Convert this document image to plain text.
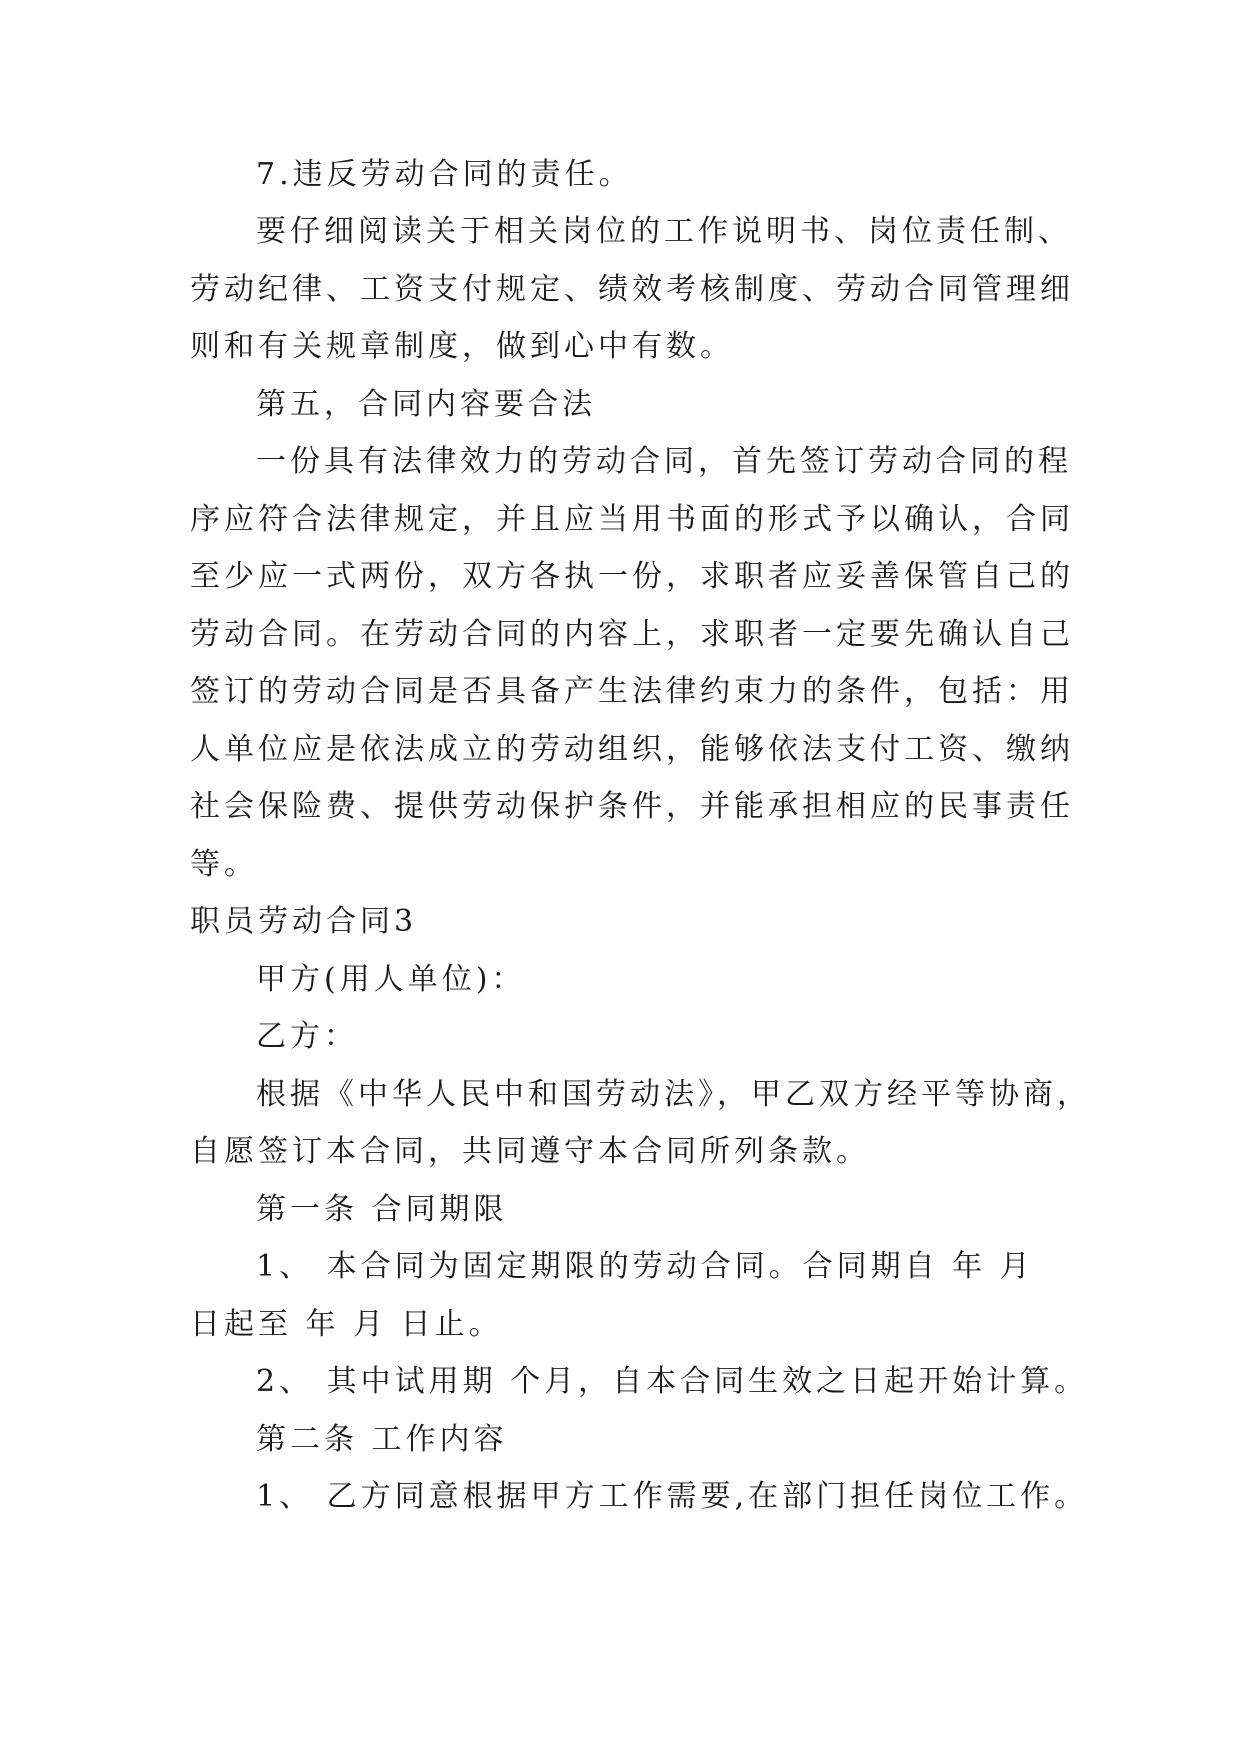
7.违反劳动合同的责任。
要仔细阅读关于相关岗位的工作说明书、岗位责任制、
劳动纪律、工资支付规定、绩效考核制度、劳动合同管理细
则和有关规章制度，做到心中有数。
第五，合同内容要合法
一份具有法律效力的劳动合同，首先签订劳动合同的程
序应符合法律规定，并且应当用书面的形式予以确认，合同
至少应一式两份，双方各执一份，求职者应妥善保管自己的
劳动合同。在劳动合同的内容上，求职者一定要先确认自己
签订的劳动合同是否具备产生法律约束力的条件，包括：用
人单位应是依法成立的劳动组织，能够依法支付工资、缴纳
社会保险费、提供劳动保护条件，并能承担相应的民事责任
等。
职员劳动合同3
甲方(用人单位)：
乙方：
根据《中华人民中和国劳动法》，甲乙双方经平等协商，
自愿签订本合同，共同遵守本合同所列条款。
第一条 合同期限
1、 本合同为固定期限的劳动合同。合同期自 年 月
日起至 年 月 日止。
2、 其中试用期 个月，自本合同生效之日起开始计算。
第二条 工作内容
1、 乙方同意根据甲方工作需要,在部门担任岗位工作。
